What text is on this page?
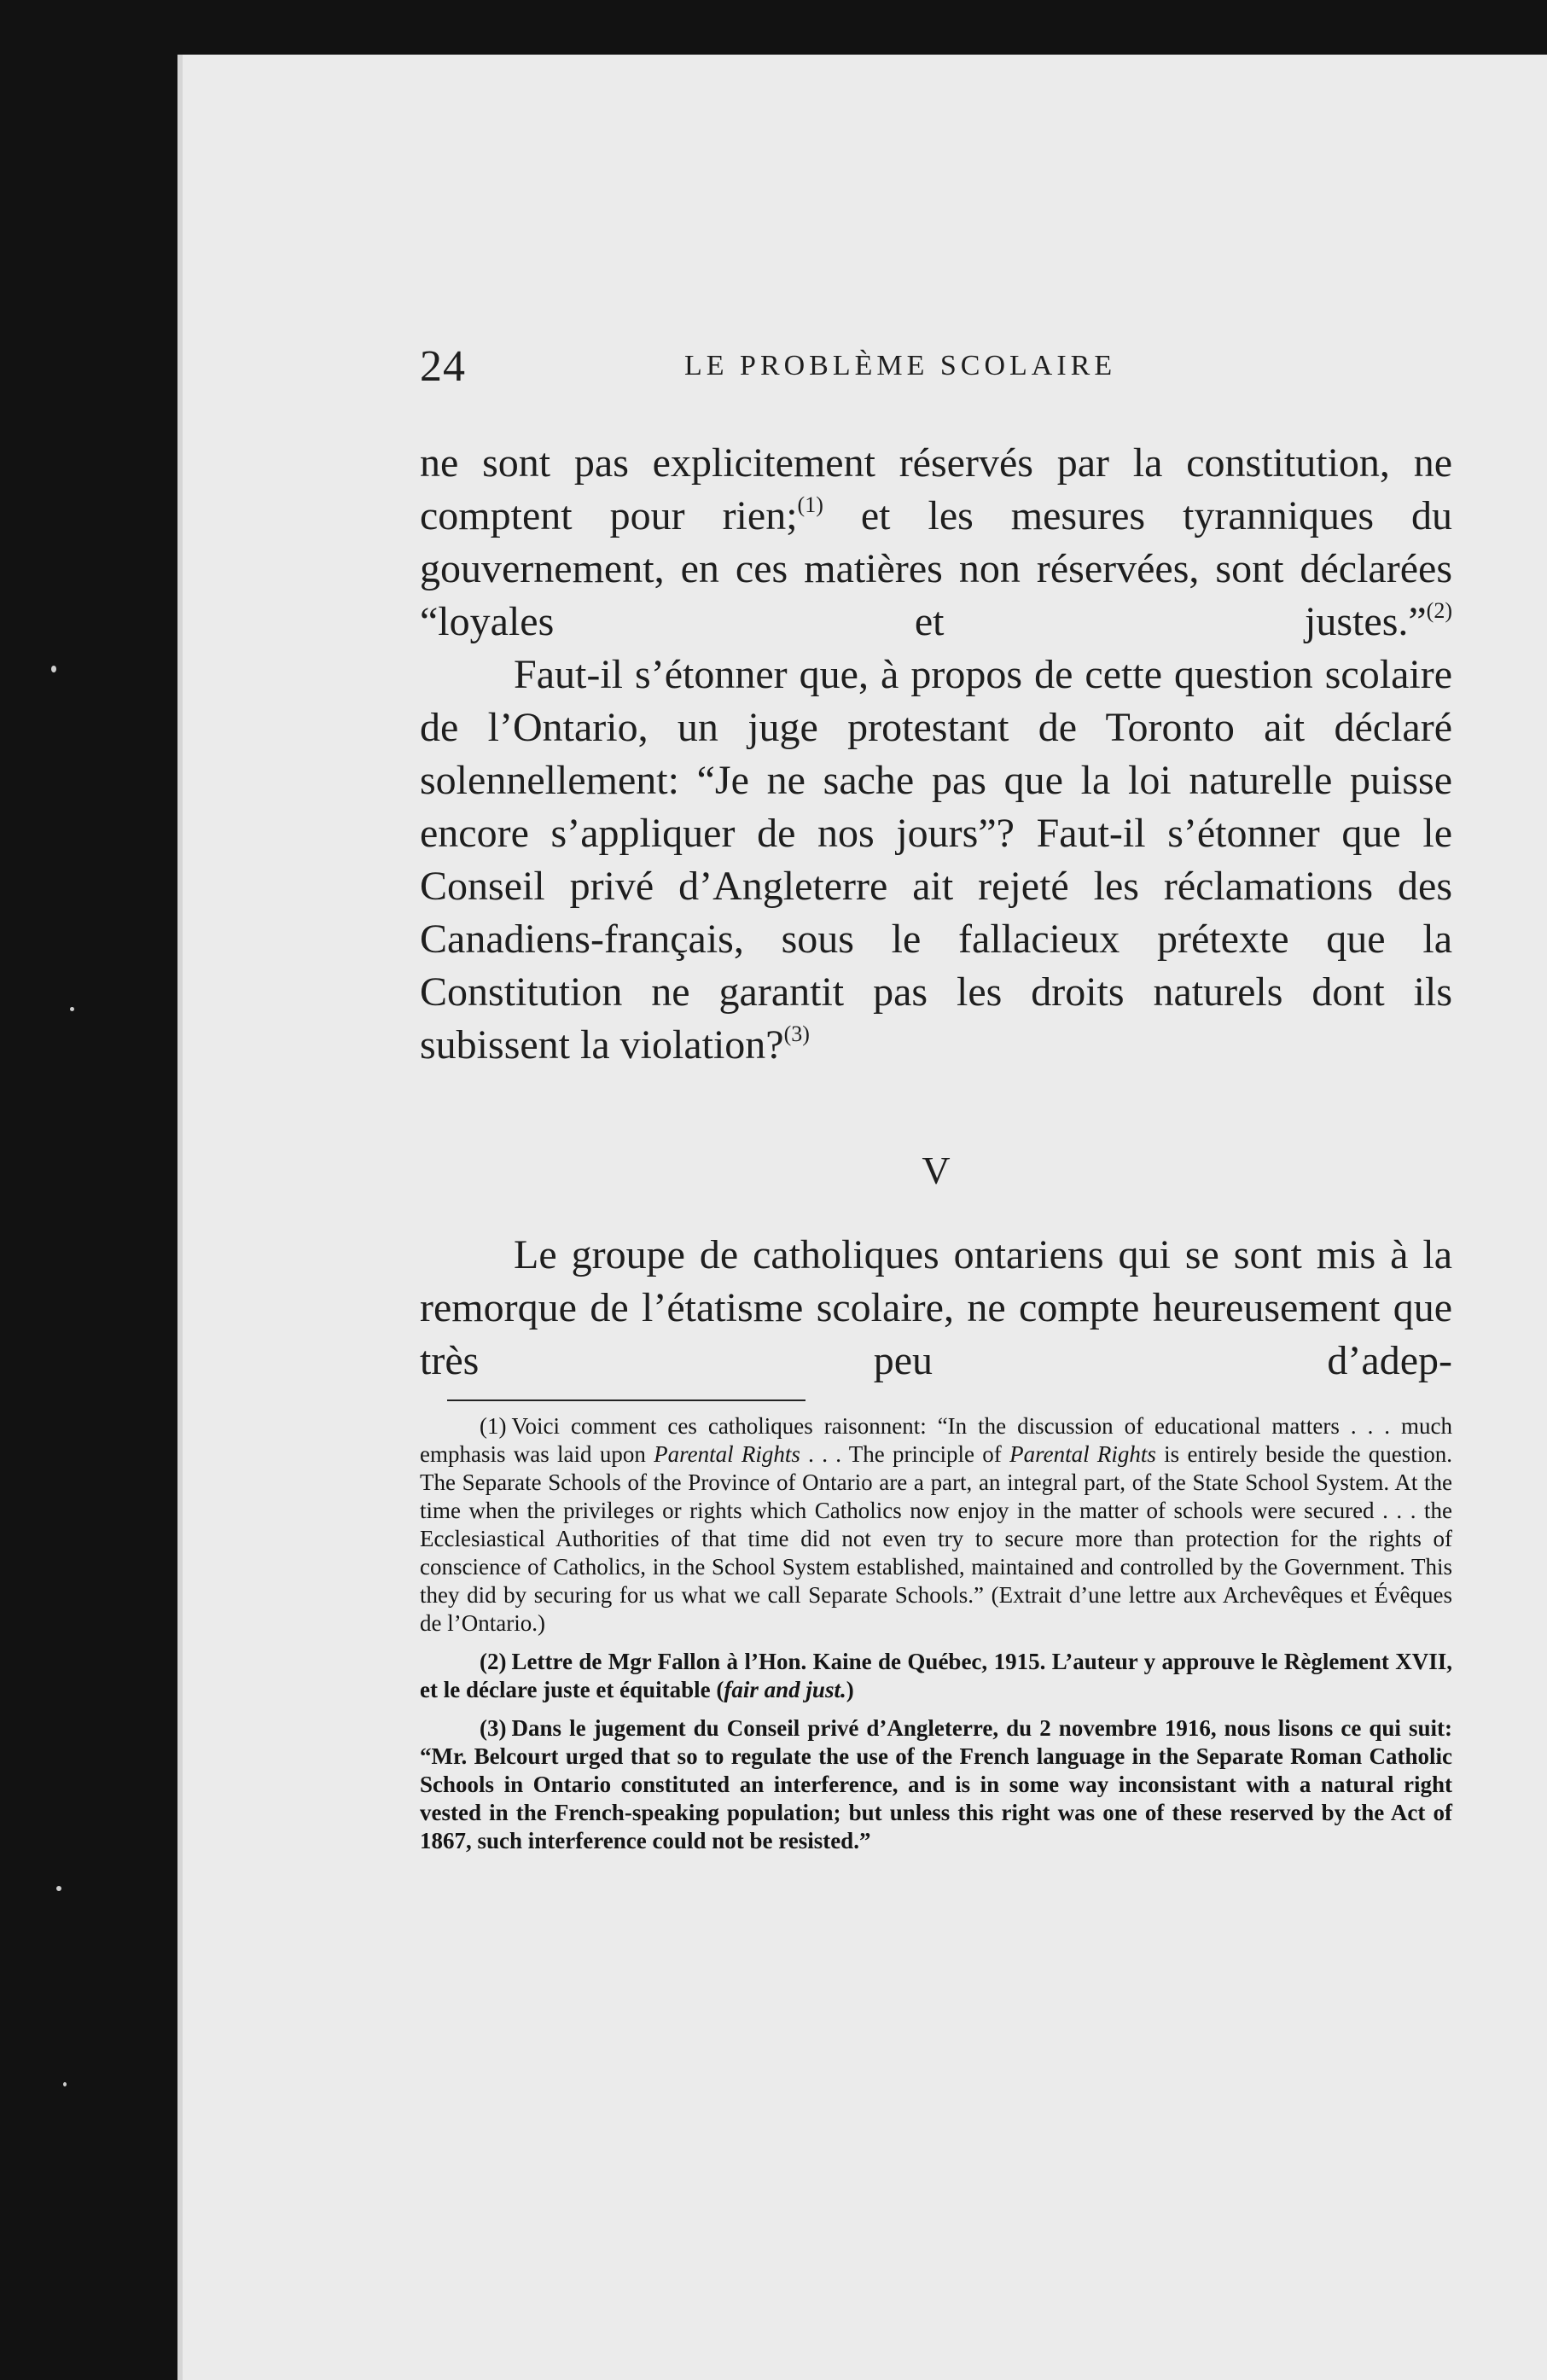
24	LE PROBLÈME SCOLAIRE

ne sont pas explicitement réservés par la constitution, ne comptent pour rien;$^{(1)}$ et les mesures tyranniques du gouvernement, en ces matières non réservées, sont déclarées “loyales et justes.”$^{(2)}$

Faut-il s’étonner que, à propos de cette question scolaire de l’Ontario, un juge protestant de Toronto ait déclaré solennellement: “Je ne sache pas que la loi naturelle puisse encore s’appliquer de nos jours”? Faut-il s’étonner que le Conseil privé d’Angleterre ait rejeté les réclamations des Canadiens-français, sous le fallacieux prétexte que la Constitution ne garantit pas les droits naturels dont ils subissent la violation?$^{(3)}$

V

Le groupe de catholiques ontariens qui se sont mis à la remorque de l’étatisme scolaire, ne compte heureusement que très peu d’adep-

(1) Voici comment ces catholiques raisonnent: “In the discussion of educational matters . . . much emphasis was laid upon Parental Rights . . . The principle of Parental Rights is entirely beside the question. The Separate Schools of the Province of Ontario are a part, an integral part, of the State School System. At the time when the privileges or rights which Catholics now enjoy in the matter of schools were secured . . . the Ecclesiastical Authorities of that time did not even try to secure more than protection for the rights of conscience of Catholics, in the School System established, maintained and controlled by the Government. This they did by securing for us what we call Separate Schools.” (Extrait d’une lettre aux Archevêques et Évêques de l’Ontario.)

(2) Lettre de Mgr Fallon à l’Hon. Kaine de Québec, 1915. L’auteur y approuve le Règlement XVII, et le déclare juste et équitable (fair and just.)

(3) Dans le jugement du Conseil privé d’Angleterre, du 2 novembre 1916, nous lisons ce qui suit: “Mr. Belcourt urged that so to regulate the use of the French language in the Separate Roman Catholic Schools in Ontario constituted an interference, and is in some way inconsistant with a natural right vested in the French-speaking population; but unless this right was one of these reserved by the Act of 1867, such interference could not be resisted.”
